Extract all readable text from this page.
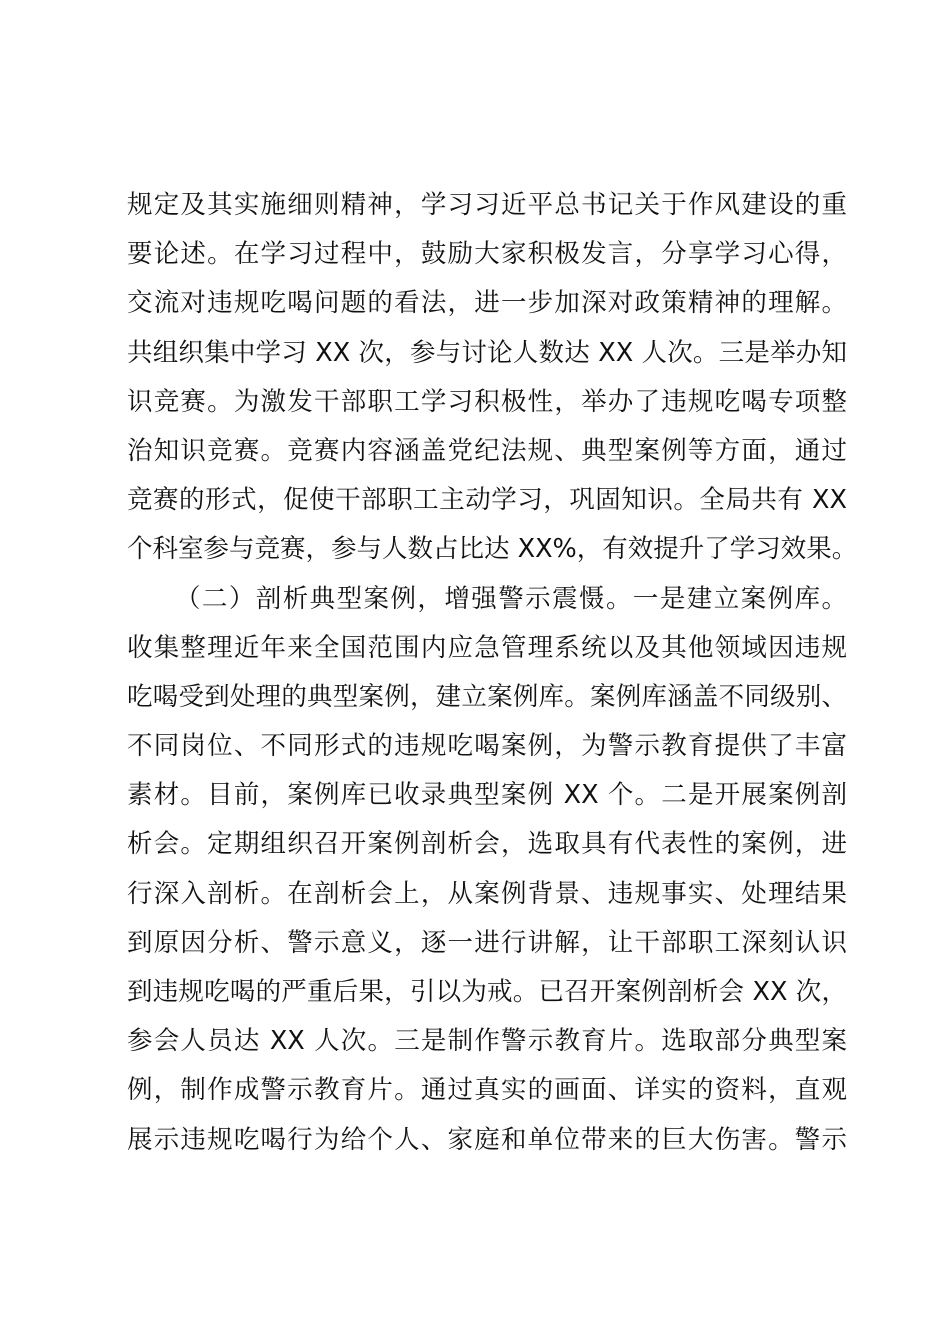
规定及其实施细则精神，学习习近平总书记关于作风建设的重
要论述。在学习过程中，鼓励大家积极发言，分享学习心得，
交流对违规吃喝问题的看法，进一步加深对政策精神的理解。
共组织集中学习 XX 次，参与讨论人数达 XX 人次。三是举办知
识竞赛。为激发干部职工学习积极性，举办了违规吃喝专项整
治知识竞赛。竞赛内容涵盖党纪法规、典型案例等方面，通过
竞赛的形式，促使干部职工主动学习，巩固知识。全局共有 XX
个科室参与竞赛，参与人数占比达 XX%，有效提升了学习效果。
（二）剖析典型案例，增强警示震慑。一是建立案例库。
收集整理近年来全国范围内应急管理系统以及其他领域因违规
吃喝受到处理的典型案例，建立案例库。案例库涵盖不同级别、
不同岗位、不同形式的违规吃喝案例，为警示教育提供了丰富
素材。目前，案例库已收录典型案例 XX 个。二是开展案例剖
析会。定期组织召开案例剖析会，选取具有代表性的案例，进
行深入剖析。在剖析会上，从案例背景、违规事实、处理结果
到原因分析、警示意义，逐一进行讲解，让干部职工深刻认识
到违规吃喝的严重后果，引以为戒。已召开案例剖析会 XX 次，
参会人员达 XX 人次。三是制作警示教育片。选取部分典型案
例，制作成警示教育片。通过真实的画面、详实的资料，直观
展示违规吃喝行为给个人、家庭和单位带来的巨大伤害。警示
